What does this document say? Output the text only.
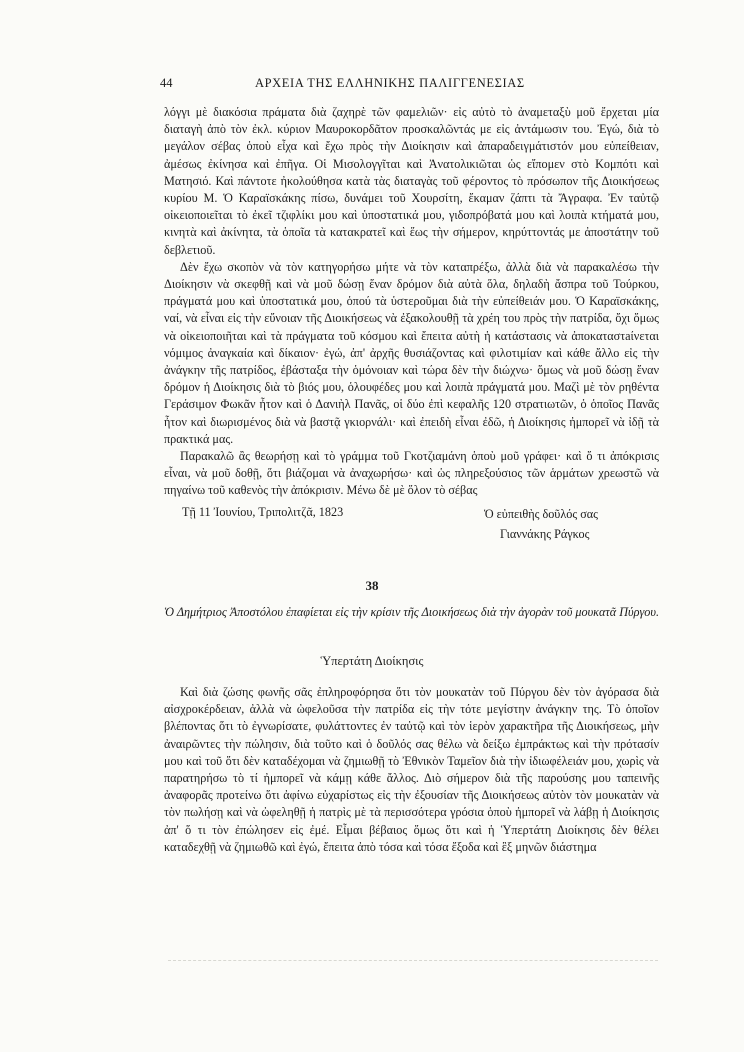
44	ΑΡΧΕΙΑ ΤΗΣ ΕΛΛΗΝΙΚΗΣ ΠΑΛΙΓΓΕΝΕΣΙΑΣ

λόγγι μὲ διακόσια πράματα διὰ ζαχηρὲ τῶν φαμελιῶν· εἰς αὐτὸ τὸ ἀναμεταξὺ μοῦ ἔρχεται μία διαταγὴ ἀπὸ τὸν ἐκλ. κύριον Μαυροκορδᾶτον προσκαλῶντάς με εἰς ἀντάμωσιν του. Ἐγώ, διὰ τὸ μεγάλον σέβας ὁποὺ εἶχα καὶ ἔχω πρὸς τὴν Διοίκησιν καὶ ἀπαραδειγμάτιστόν μου εὐπείθειαν, ἀμέσως ἐκίνησα καὶ ἐπῆγα. Οἱ Μισολογγῖται καὶ Ἀνατολικιῶται ὡς εἴπομεν στὸ Κομπότι καὶ Ματησιό. Καὶ πάντοτε ἠκολούθησα κατὰ τὰς διαταγὰς τοῦ φέροντος τὸ πρόσωπον τῆς Διοικήσεως κυρίου Μ. Ὁ Καραϊσκάκης πίσω, δυνάμει τοῦ Χουρσίτη, ἔκαμαν ζάπτι τὰ Ἄγραφα. Ἐν ταὐτῷ οἰκειοποιεῖται τὸ ἐκεῖ τζιφλίκι μου καὶ ὑποστατικά μου, γιδοπρόβατά μου καὶ λοιπὰ κτήματά μου, κινητὰ καὶ ἀκίνητα, τὰ ὁποῖα τὰ κατακρατεῖ καὶ ἕως τὴν σήμερον, κηρύττοντάς με ἀποστάτην τοῦ δεβλετιοῦ.

Δὲν ἔχω σκοπὸν νὰ τὸν κατηγορήσω μήτε νὰ τὸν καταπρέξω, ἀλλὰ διὰ νὰ παρακαλέσω τὴν Διοίκησιν νὰ σκεφθῇ καὶ νὰ μοῦ δώσῃ ἕναν δρόμον διὰ αὐτὰ ὅλα, δηλαδὴ ἄσπρα τοῦ Τούρκου, πράγματά μου καὶ ὑποστατικά μου, ὁπού τὰ ὑστεροῦμαι διὰ τὴν εὐπείθειάν μου. Ὁ Καραϊσκάκης, ναί, νὰ εἶναι εἰς τὴν εὔνοιαν τῆς Διοικήσεως νὰ ἐξακολουθῇ τὰ χρέη του πρὸς τὴν πατρίδα, ὄχι ὅμως νὰ οἰκειοποιῆται καὶ τὰ πράγματα τοῦ κόσμου καὶ ἔπειτα αὐτὴ ἡ κατάστασις νὰ ἀποκαταστaίνεται νόμιμος ἀναγκαία καὶ δίκαιον· ἐγώ, ἀπ' ἀρχῆς θυσιάζοντας καὶ φιλοτιμίαν καὶ κάθε ἄλλο εἰς τὴν ἀνάγκην τῆς πατρίδος, ἐβάσταξα τὴν ὁμόνοιαν καὶ τώρα δὲν τὴν διώχνω· ὅμως νὰ μοῦ δώσῃ ἕναν δρόμον ἡ Διοίκησις διὰ τὸ βιός μου, ὁλουφέδες μου καὶ λοιπὰ πράγματά μου. Μαζὶ μὲ τὸν ρηθέντα Γεράσιμον Φωκᾶν ἦτον καὶ ὁ Δανιὴλ Πανᾶς, οἱ δύο ἐπὶ κεφαλῆς 120 στρατιωτῶν, ὁ ὁποῖος Πανᾶς ἦτον καὶ διωρισμένος διὰ νὰ βαστᾷ γκιορνάλι· καὶ ἐπειδὴ εἶναι ἐδῶ, ἡ Διοίκησις ἠμπορεῖ νὰ ἰδῇ τὰ πρακτικά μας.

Παρακαλῶ ἂς θεωρήσῃ καὶ τὸ γράμμα τοῦ Γκοτζιαμάνη ὁποὺ μοῦ γράφει· καὶ ὅ τι ἀπόκρισις εἶναι, νὰ μοῦ δοθῇ, ὅτι βιάζομαι νὰ ἀναχωρήσω· καὶ ὡς πληρεξούσιος τῶν ἁρμάτων χρεωστῶ νὰ πηγαίνω τοῦ καθενὸς τὴν ἀπόκρισιν. Μένω δὲ μὲ ὅλον τὸ σέβας

Τῇ 11 Ἰουνίου, Τριπολιτζᾶ, 1823	Ὁ εὐπειθὴς δοῦλός σας
Γιαννάκης Ράγκος
38
Ὁ Δημήτριος Ἀποστόλου ἐπαφίεται εἰς τὴν κρίσιν τῆς Διοικήσεως διὰ τὴν ἀγορὰν τοῦ μουκατᾶ Πύργου.
Ὑπερτάτη Διοίκησις

Καὶ διὰ ζώσης φωνῆς σᾶς ἐπληροφόρησα ὅτι τὸν μουκατὰν τοῦ Πύργου δὲν τὸν ἀγόρασα διὰ αἰσχροκέρδειαν, ἀλλὰ νὰ ὠφελοῦσα τὴν πατρίδα εἰς τὴν τότε μεγίστην ἀνάγκην της. Τὸ ὁποῖον βλέποντας ὅτι τὸ ἐγνωρίσατε, φυλάττοντες ἐν ταὐτῷ καὶ τὸν ἱερὸν χαρακτῆρα τῆς Διοικήσεως, μὴν ἀναιρῶντες τὴν πώλησιν, διὰ τοῦτο καὶ ὁ δοῦλός σας θέλω νὰ δείξω ἐμπράκτως καὶ τὴν πρότασίν μου καὶ τοῦ ὅτι δὲν καταδέχομαι νὰ ζημιωθῇ τὸ Ἐθνικὸν Ταμεῖον διὰ τὴν ἰδιωφέλειάν μου, χωρὶς νὰ παρατηρήσω τὸ τί ἠμπορεῖ νὰ κάμῃ κάθε ἄλλος. Διὸ σήμερον διὰ τῆς παρούσης μου ταπεινῆς ἀναφορᾶς προτείνω ὅτι ἀφίνω εὐχαρίστως εἰς τὴν ἐξουσίαν τῆς Διοικήσεως αὐτὸν τὸν μουκατὰν νὰ τὸν πωλήσῃ καὶ νὰ ὠφεληθῇ ἡ πατρὶς μὲ τὰ περισσότερα γρόσια ὁποὺ ἠμπορεῖ νὰ λάβῃ ἡ Διοίκησις ἀπ' ὅ τι τὸν ἐπώλησεν εἰς ἐμέ. Εἶμαι βέβαιος ὅμως ὅτι καὶ ἡ Ὑπερτάτη Διοίκησις δὲν θέλει καταδεχθῇ νὰ ζημιωθῶ καὶ ἐγώ, ἔπειτα ἀπὸ τόσα καὶ τόσα ἔξοδα καὶ ἓξ μηνῶν διάστημα
